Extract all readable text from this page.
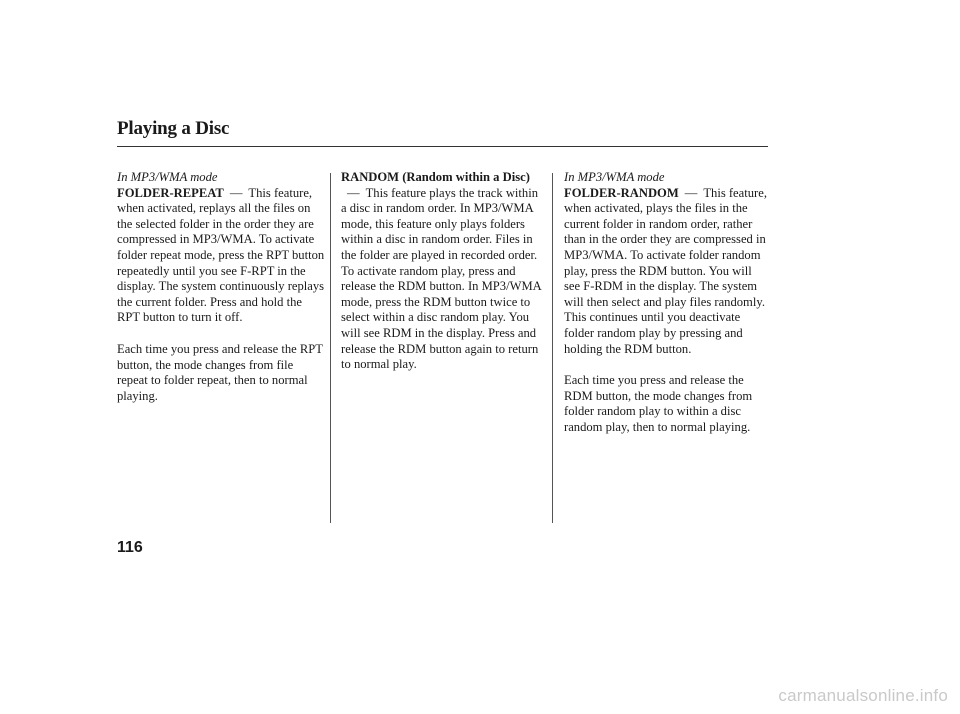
Playing a Disc

In MP3/WMA mode
FOLDER-REPEAT — This feature, when activated, replays all the files on the selected folder in the order they are compressed in MP3/WMA. To activate folder repeat mode, press the RPT button repeatedly until you see F-RPT in the display. The system continuously replays the current folder. Press and hold the RPT button to turn it off.

Each time you press and release the RPT button, the mode changes from file repeat to folder repeat, then to normal playing.

RANDOM (Random within a Disc)— This feature plays the track within a disc in random order. In MP3/WMA mode, this feature only plays folders within a disc in random order. Files in the folder are played in recorded order. To activate random play, press and release the RDM button. In MP3/WMA mode, press the RDM button twice to select within a disc random play. You will see RDM in the display. Press and release the RDM button again to return to normal play.

In MP3/WMA mode
FOLDER-RANDOM — This feature, when activated, plays the files in the current folder in random order, rather than in the order they are compressed in MP3/WMA. To activate folder random play, press the RDM button. You will see F-RDM in the display. The system will then select and play files randomly. This continues until you deactivate folder random play by pressing and holding the RDM button.

Each time you press and release the RDM button, the mode changes from folder random play to within a disc random play, then to normal playing.

116
carmanualsonline.info
